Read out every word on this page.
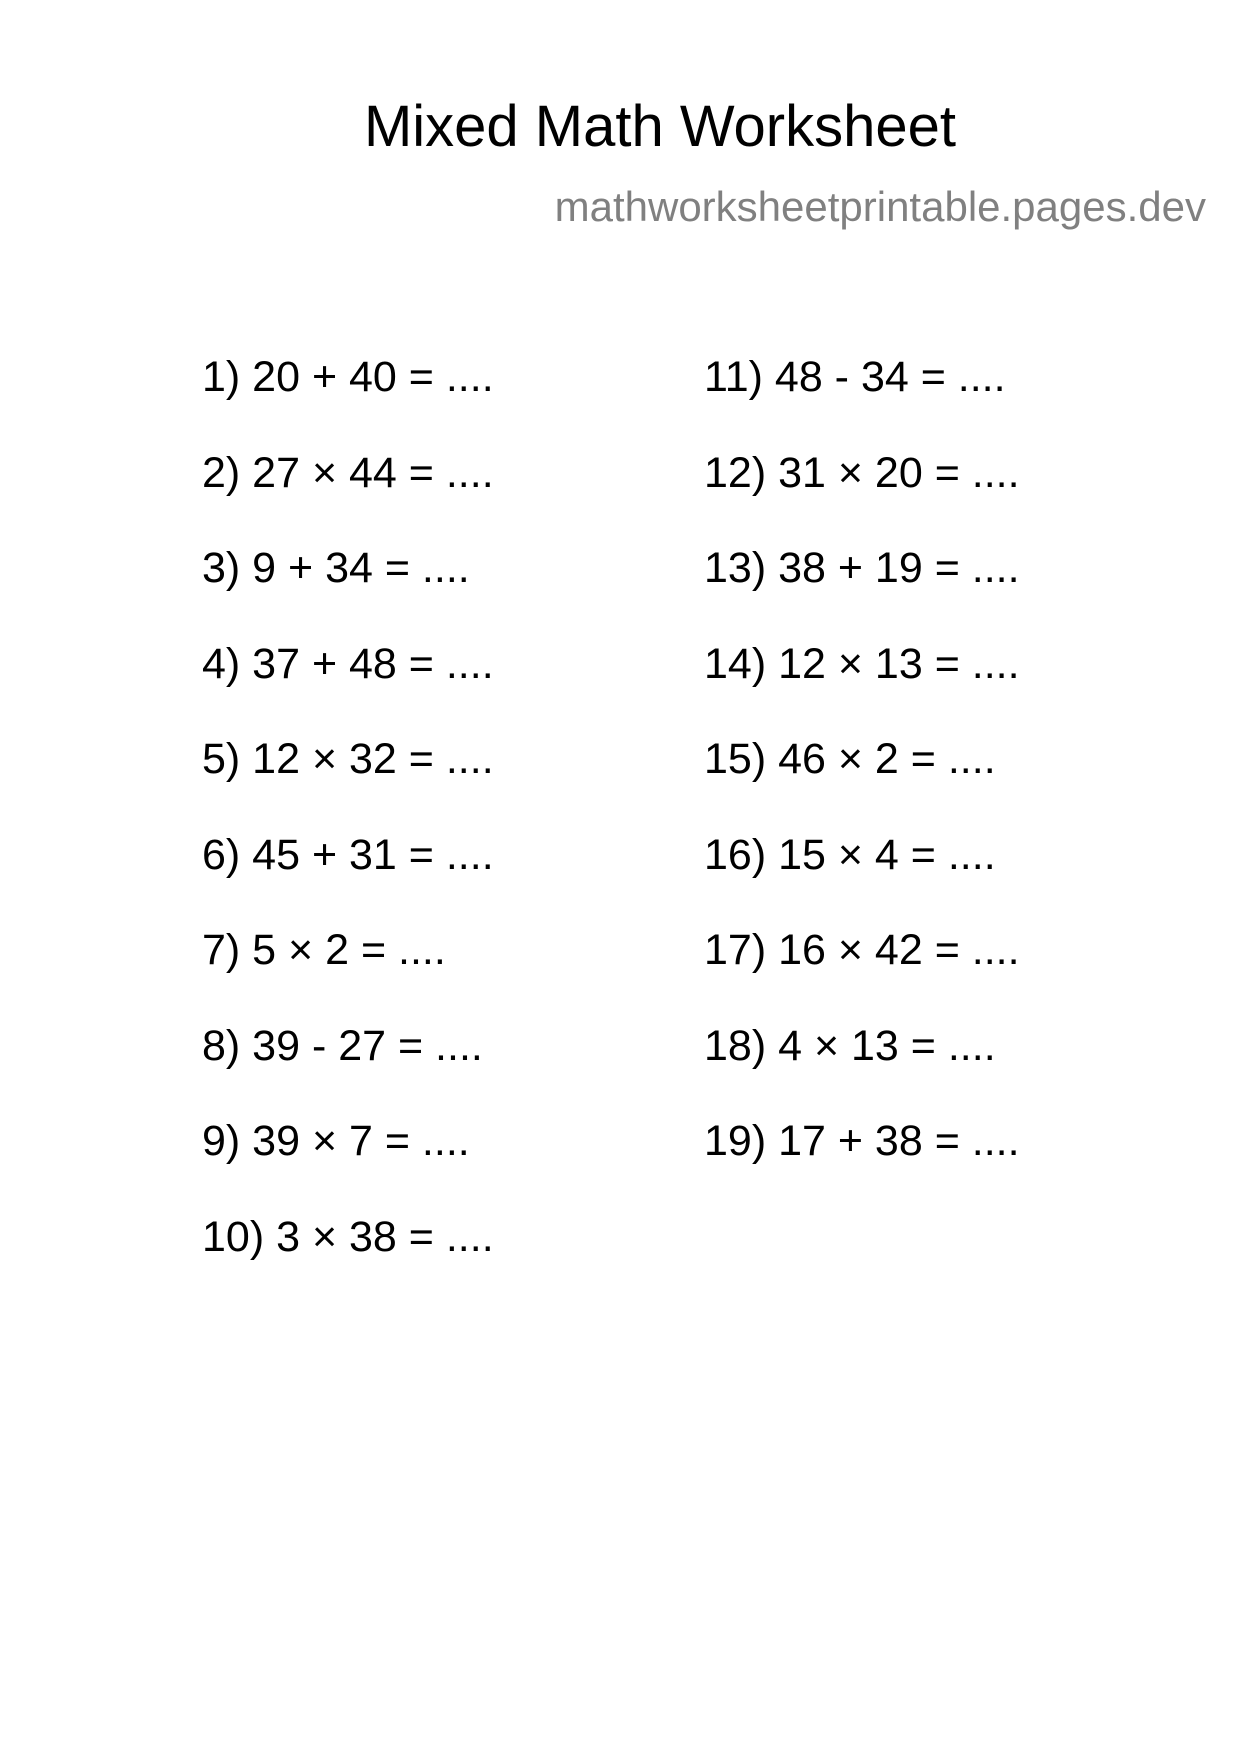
Mixed Math Worksheet
mathworksheetprintable.pages.dev
1) 20 + 40 = ....
2) 27 × 44 = ....
3) 9 + 34 = ....
4) 37 + 48 = ....
5) 12 × 32 = ....
6) 45 + 31 = ....
7) 5 × 2 = ....
8) 39 - 27 = ....
9) 39 × 7 = ....
10) 3 × 38 = ....
11) 48 - 34 = ....
12) 31 × 20 = ....
13) 38 + 19 = ....
14) 12 × 13 = ....
15) 46 × 2 = ....
16) 15 × 4 = ....
17) 16 × 42 = ....
18) 4 × 13 = ....
19) 17 + 38 = ....
